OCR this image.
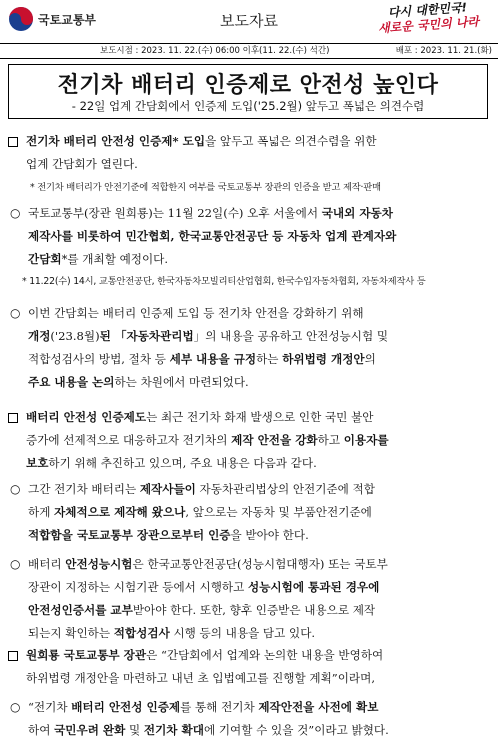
국토교통부	보도자료
다시 대한민국!
새로운 국민의 나라
보도시점 : 2023. 11. 22.(수) 06:00 이후(11. 22.(수) 석간)	배포 : 2023. 11. 21.(화)
전기차 배터리 인증제로 안전성 높인다
- 22일 업계 간담회에서 인증제 도입('25.2월) 앞두고 폭넓은 의견수렴
전기차 배터리 안전성 인증제* 도입을 앞두고 폭넓은 의견수렴을 위한
업계 간담회가 열린다.
* 전기차 배터리가 안전기준에 적합한지 여부를 국토교통부 장관의 인증을 받고 제작·판매
○ 국토교통부(장관 원희룡)는 11월 22일(수) 오후 서울에서 국내외 자동차
제작사를 비롯하여 민간협회, 한국교통안전공단 등 자동차 업계 관계자와
간담회*를 개최할 예정이다.
* 11.22(수) 14시, 교통안전공단, 한국자동차모빌리티산업협회, 한국수입자동차협회, 자동차제작사 등
○ 이번 간담회는 배터리 인증제 도입 등 전기차 안전을 강화하기 위해
개정('23.8월)된 「자동차관리법」의 내용을 공유하고 안전성능시험 및
적합성검사의 방법, 절차 등 세부 내용을 규정하는 하위법령 개정안의
주요 내용을 논의하는 차원에서 마련되었다.
배터리 안전성 인증제도는 최근 전기차 화재 발생으로 인한 국민 불안
증가에 선제적으로 대응하고자 전기차의 제작 안전을 강화하고 이용자를
보호하기 위해 추진하고 있으며, 주요 내용은 다음과 같다.
○ 그간 전기차 배터리는 제작사들이 자동차관리법상의 안전기준에 적합
하게 자체적으로 제작해 왔으나, 앞으로는 자동차 및 부품안전기준에
적합함을 국토교통부 장관으로부터 인증을 받아야 한다.
○ 배터리 안전성능시험은 한국교통안전공단(성능시험대행자) 또는 국토부
장관이 지정하는 시험기관 등에서 시행하고 성능시험에 통과된 경우에
안전성인증서를 교부받아야 한다. 또한, 향후 인증받은 내용으로 제작
되는지 확인하는 적합성검사 시행 등의 내용을 담고 있다.
원희룡 국토교통부 장관은 “간담회에서 업계와 논의한 내용을 반영하여
하위법령 개정안을 마련하고 내년 초 입법예고를 진행할 계획”이라며,
○ “전기차 배터리 안전성 인증제를 통해 전기차 제작안전을 사전에 확보
하여 국민우려 완화 및 전기차 확대에 기여할 수 있을 것”이라고 밝혔다.
